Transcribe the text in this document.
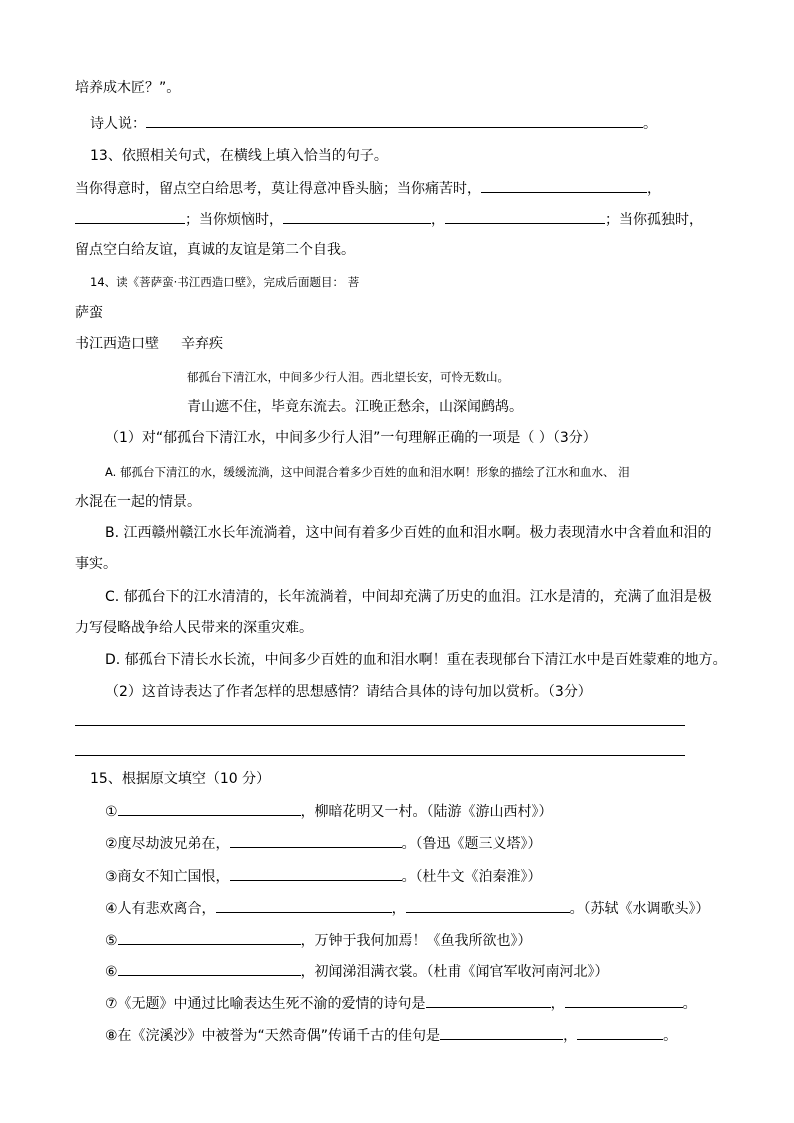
培养成木匠？”。
诗人说：	。
13、依照相关句式，在横线上填入恰当的句子。
当你得意时，留点空白给思考，莫让得意冲昏头脑；当你痛苦时，	，
；当你烦恼时，	，	；当你孤独时，
留点空白给友谊，真诚的友谊是第二个自我。
14、读《菩萨蛮·书江西造口壁》，完成后面题目： 菩
萨蛮
书江西造口壁 辛弃疾
郁孤台下清江水，中间多少行人泪。西北望长安，可怜无数山。
青山遮不住，毕竟东流去。江晚正愁余，山深闻鹧鸪。
（1）对“郁孤台下清江水，中间多少行人泪”一句理解正确的一项是（ ）（3分）
A. 郁孤台下清江的水，缓缓流淌，这中间混合着多少百姓的血和泪水啊！形象的描绘了江水和血水、 泪
水混在一起的情景。
B. 江西赣州赣江水长年流淌着，这中间有着多少百姓的血和泪水啊。极力表现清水中含着血和泪的
事实。
C. 郁孤台下的江水清清的，长年流淌着，中间却充满了历史的血泪。江水是清的，充满了血泪是极
力写侵略战争给人民带来的深重灾难。
D. 郁孤台下清长水长流，中间多少百姓的血和泪水啊！重在表现郁台下清江水中是百姓蒙难的地方。
（2）这首诗表达了作者怎样的思想感情？请结合具体的诗句加以赏析。（3分）
15、根据原文填空（10 分）
①	，柳暗花明又一村。（陆游《游山西村》）
②度尽劫波兄弟在，	。（鲁迅《题三义塔》）
③商女不知亡国恨，	。（杜牛文《泊秦淮》）
④人有悲欢离合，	，	。（苏轼《水调歌头》）
⑤	，万钟于我何加焉！《鱼我所欲也》）
⑥	，初闻涕泪满衣裳。（杜甫《闻官军收河南河北》）
⑦《无题》中通过比喻表达生死不渝的爱情的诗句是	，	。
⑧在《浣溪沙》中被誉为“天然奇偶”传诵千古的佳句是	，	。
